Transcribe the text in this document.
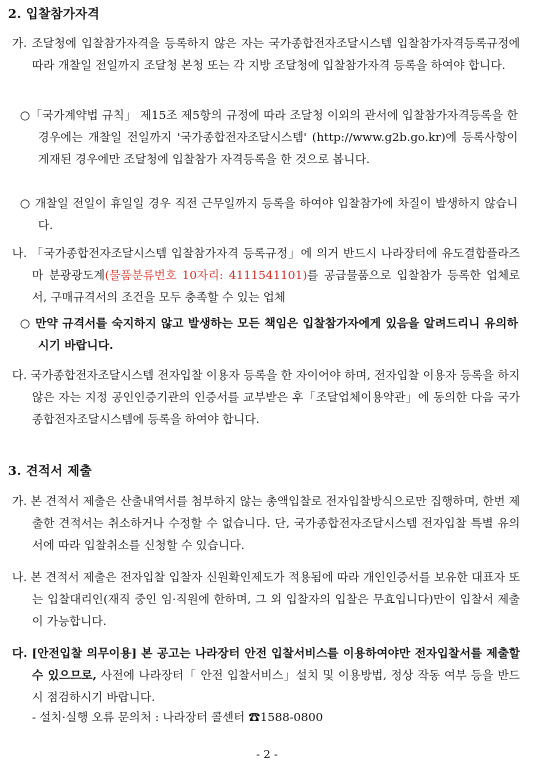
2. 입찰참가자격
가. 조달청에 입찰참가자격을 등록하지 않은 자는 국가종합전자조달시스템 입찰참가자격등록규정에 따라 개찰일 전일까지 조달청 본청 또는 각 지방 조달청에 입찰참가자격 등록을 하여야 합니다.
○「국가계약법 규칙」 제15조 제5항의 규정에 따라 조달청 이외의 관서에 입찰참가자격등록을 한 경우에는 개찰일 전일까지 '국가종합전자조달시스템' (http://www.g2b.go.kr)에 등록사항이 게재된 경우에만 조달청에 입찰참가 자격등록을 한 것으로 봅니다.
○ 개찰일 전일이 휴일일 경우 직전 근무일까지 등록을 하여야 입찰참가에 차질이 발생하지 않습니다.
나. 「국가종합전자조달시스템 입찰참가자격 등록규정」에 의거 반드시 나라장터에 유도결합플라즈마 분광광도계(물품분류번호 10자리: 4111541101)를 공급물품으로 입찰참가 등록한 업체로서, 구매규격서의 조건을 모두 충족할 수 있는 업체
○ 만약 규격서를 숙지하지 않고 발생하는 모든 책임은 입찰참가자에게 있음을 알려드리니 유의하시기 바랍니다.
다. 국가종합전자조달시스템 전자입찰 이용자 등록을 한 자이어야 하며, 전자입찰 이용자 등록을 하지 않은 자는 지정 공인인증기관의 인증서를 교부받은 후「조달업체이용약관」에 동의한 다음 국가종합전자조달시스템에 등록을 하여야 합니다.
3. 견적서 제출
가. 본 견적서 제출은 산출내역서를 첨부하지 않는 총액입찰로 전자입찰방식으로만 집행하며, 한번 제출한 견적서는 취소하거나 수정할 수 없습니다. 단, 국가종합전자조달시스템 전자입찰 특별 유의서에 따라 입찰취소를 신청할 수 있습니다.
나. 본 견적서 제출은 전자입찰 입찰자 신원확인제도가 적용됨에 따라 개인인증서를 보유한 대표자 또는 입찰대리인(재직 중인 임·직원에 한하며, 그 외 입찰자의 입찰은 무효입니다)만이 입찰서 제출이 가능합니다.
다. [안전입찰 의무이용] 본 공고는 나라장터 안전 입찰서비스를 이용하여야만 전자입찰서를 제출할 수 있으므로, 사전에 나라장터「 안전 입찰서비스」설치 및 이용방법, 정상 작동 여부 등을 반드시 점검하시기 바랍니다.
- 설치·실행 오류 문의처 : 나라장터 콜센터 ☎1588-0800
- 2 -
